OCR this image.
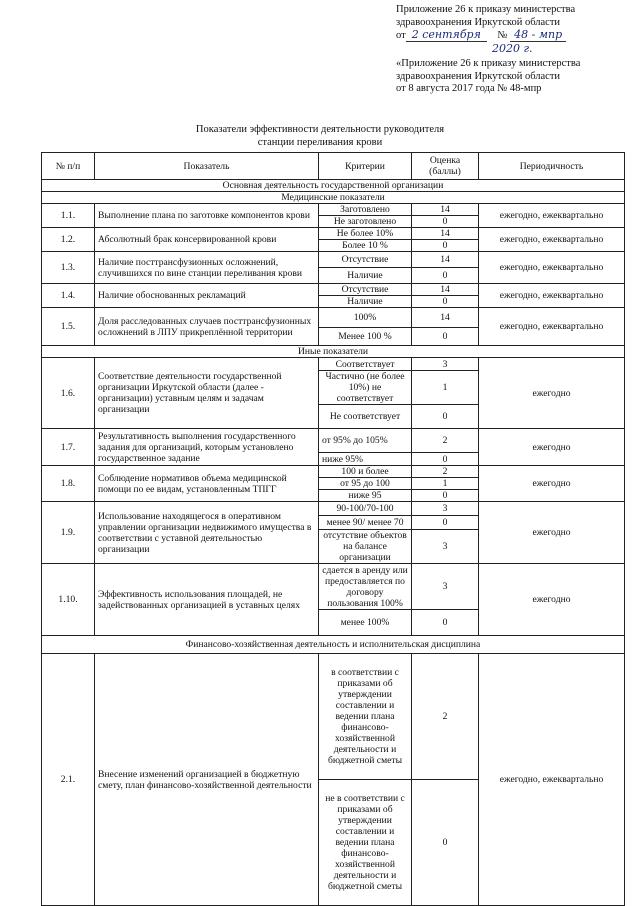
Приложение 26 к приказу министерства
здравоохранения Иркутской области
от 2 сентября № 48 - мпр
2020 г.
«Приложение 26 к приказу министерства
здравоохранения Иркутской области
от 8 августа 2017 года № 48-мпр
Показатели эффективности деятельности руководителя
станции переливания крови
№ п/п	Показатель	Критерии	Оценка (баллы)	Периодичность
Основная деятельность государственной организации				
Медицинские показатели				
1.1.	Выполнение плана по заготовке компонентов крови	Заготовлено	14	ежегодно, ежеквартально
		Не заготовлено	0	
1.2.	Абсолютный брак консервированной крови	Не более 10%	14	ежегодно, ежеквартально
		Более 10 %	0	
1.3.	Наличие посттрансфузионных осложнений, случившихся по вине станции переливания крови	Отсутствие	14	ежегодно, ежеквартально
		Наличие	0	
1.4.	Наличие обоснованных рекламаций	Отсутствие	14	ежегодно, ежеквартально
		Наличие	0	
1.5.	Доля расследованных случаев посттрансфузионных осложнений в ЛПУ прикреплённой территории	100%	14	ежегодно, ежеквартально
		Менее 100 %	0	
Иные показатели				
1.6.	Соответствие деятельности государственной организации Иркутской области (далее - организации) уставным целям и задачам организации	Соответствует	3	ежегодно
		Частично (не более 10%) не соответствует	1	
		Не соответствует	0	
1.7.	Результативность выполнения государственного задания для организаций, которым установлено государственное задание	от 95% до 105%	2	ежегодно
		ниже 95%	0	
1.8.	Соблюдение нормативов объема медицинской помощи по ее видам, установленным ТПГГ	100 и более	2	ежегодно
		от 95 до 100	1	
		ниже 95	0	
1.9.	Использование находящегося в оперативном управлении организации недвижимого имущества в соответствии с уставной деятельностью организации	90-100/70-100	3	ежегодно
		менее 90/ менее 70	0	
		отсутствие объектов на балансе организации	3	
1.10.	Эффективность использования площадей, не задействованных организацией в уставных целях	сдается в аренду или предоставляется по договору пользования 100%	3	ежегодно
		менее 100%	0	
Финансово-хозяйственная деятельность и исполнительская дисциплина				
2.1.	Внесение изменений организацией в бюджетную смету, план финансово-хозяйственной деятельности	в соответствии с приказами об утверждении составлении и ведении плана финансово-хозяйственной деятельности и бюджетной сметы	2	ежегодно, ежеквартально
		не в соответствии с приказами об утверждении составлении и ведении плана финансово-хозяйственной деятельности и бюджетной сметы	0	
